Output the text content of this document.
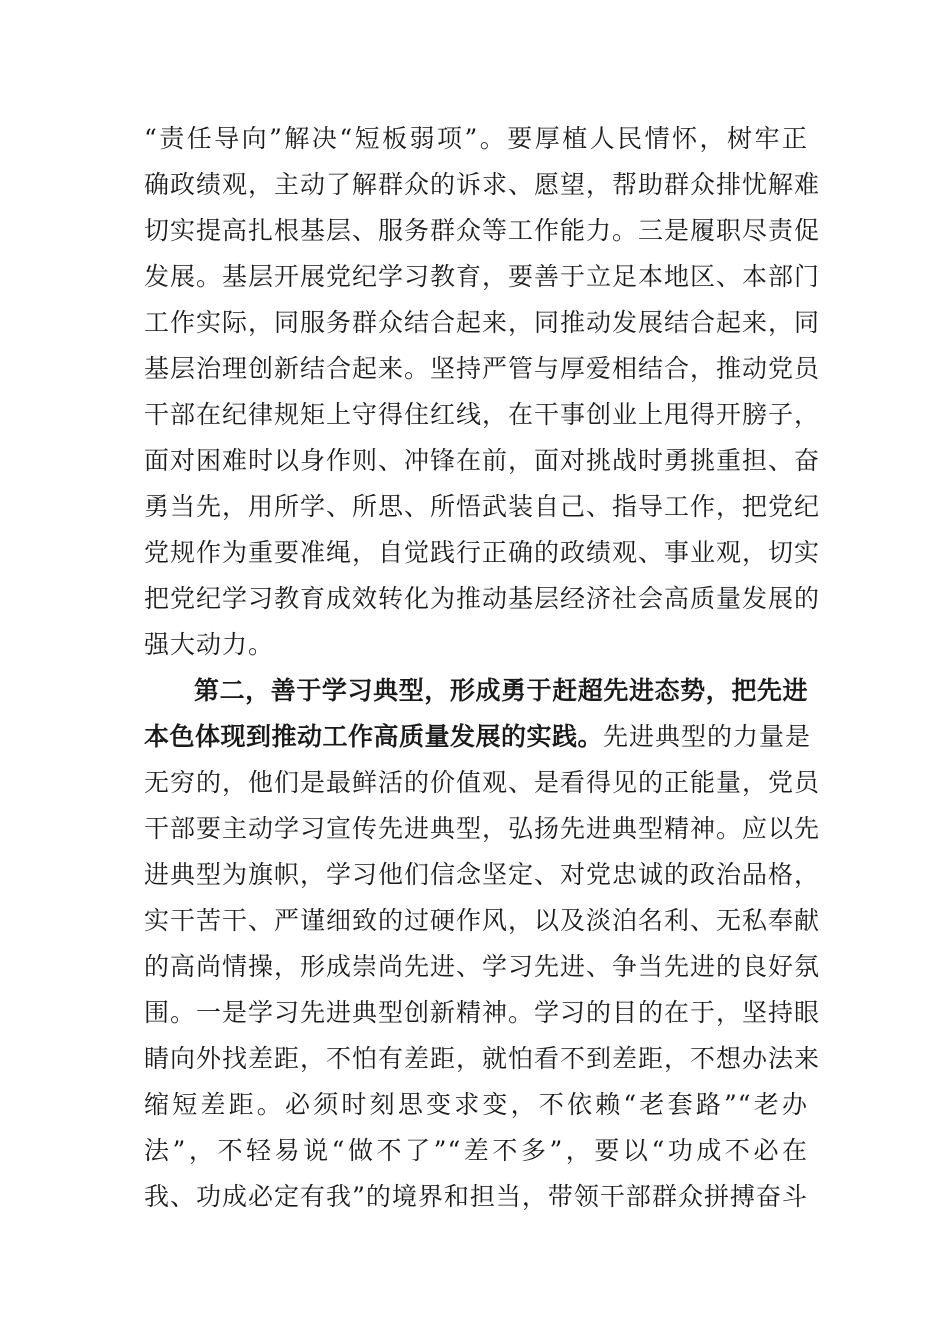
“责任导向”解决“短板弱项”。要厚植人民情怀，树牢正
确政绩观，主动了解群众的诉求、愿望，帮助群众排忧解难
切实提高扎根基层、服务群众等工作能力。三是履职尽责促
发展。基层开展党纪学习教育，要善于立足本地区、本部门
工作实际，同服务群众结合起来，同推动发展结合起来，同
基层治理创新结合起来。坚持严管与厚爱相结合，推动党员
干部在纪律规矩上守得住红线，在干事创业上甩得开膀子，
面对困难时以身作则、冲锋在前，面对挑战时勇挑重担、奋
勇当先，用所学、所思、所悟武装自己、指导工作，把党纪
党规作为重要准绳，自觉践行正确的政绩观、事业观，切实
把党纪学习教育成效转化为推动基层经济社会高质量发展的
强大动力。
第二，善于学习典型，形成勇于赶超先进态势，把先进
本色体现到推动工作高质量发展的实践。先进典型的力量是
无穷的，他们是最鲜活的价值观、是看得见的正能量，党员
干部要主动学习宣传先进典型，弘扬先进典型精神。应以先
进典型为旗帜，学习他们信念坚定、对党忠诚的政治品格，
实干苦干、严谨细致的过硬作风，以及淡泊名利、无私奉献
的高尚情操，形成崇尚先进、学习先进、争当先进的良好氛
围。一是学习先进典型创新精神。学习的目的在于，坚持眼
睛向外找差距，不怕有差距，就怕看不到差距，不想办法来
缩短差距。必须时刻思变求变，不依赖“老套路”“老办
法”，不轻易说“做不了”“差不多”，要以“功成不必在
我、功成必定有我”的境界和担当，带领干部群众拼搏奋斗
